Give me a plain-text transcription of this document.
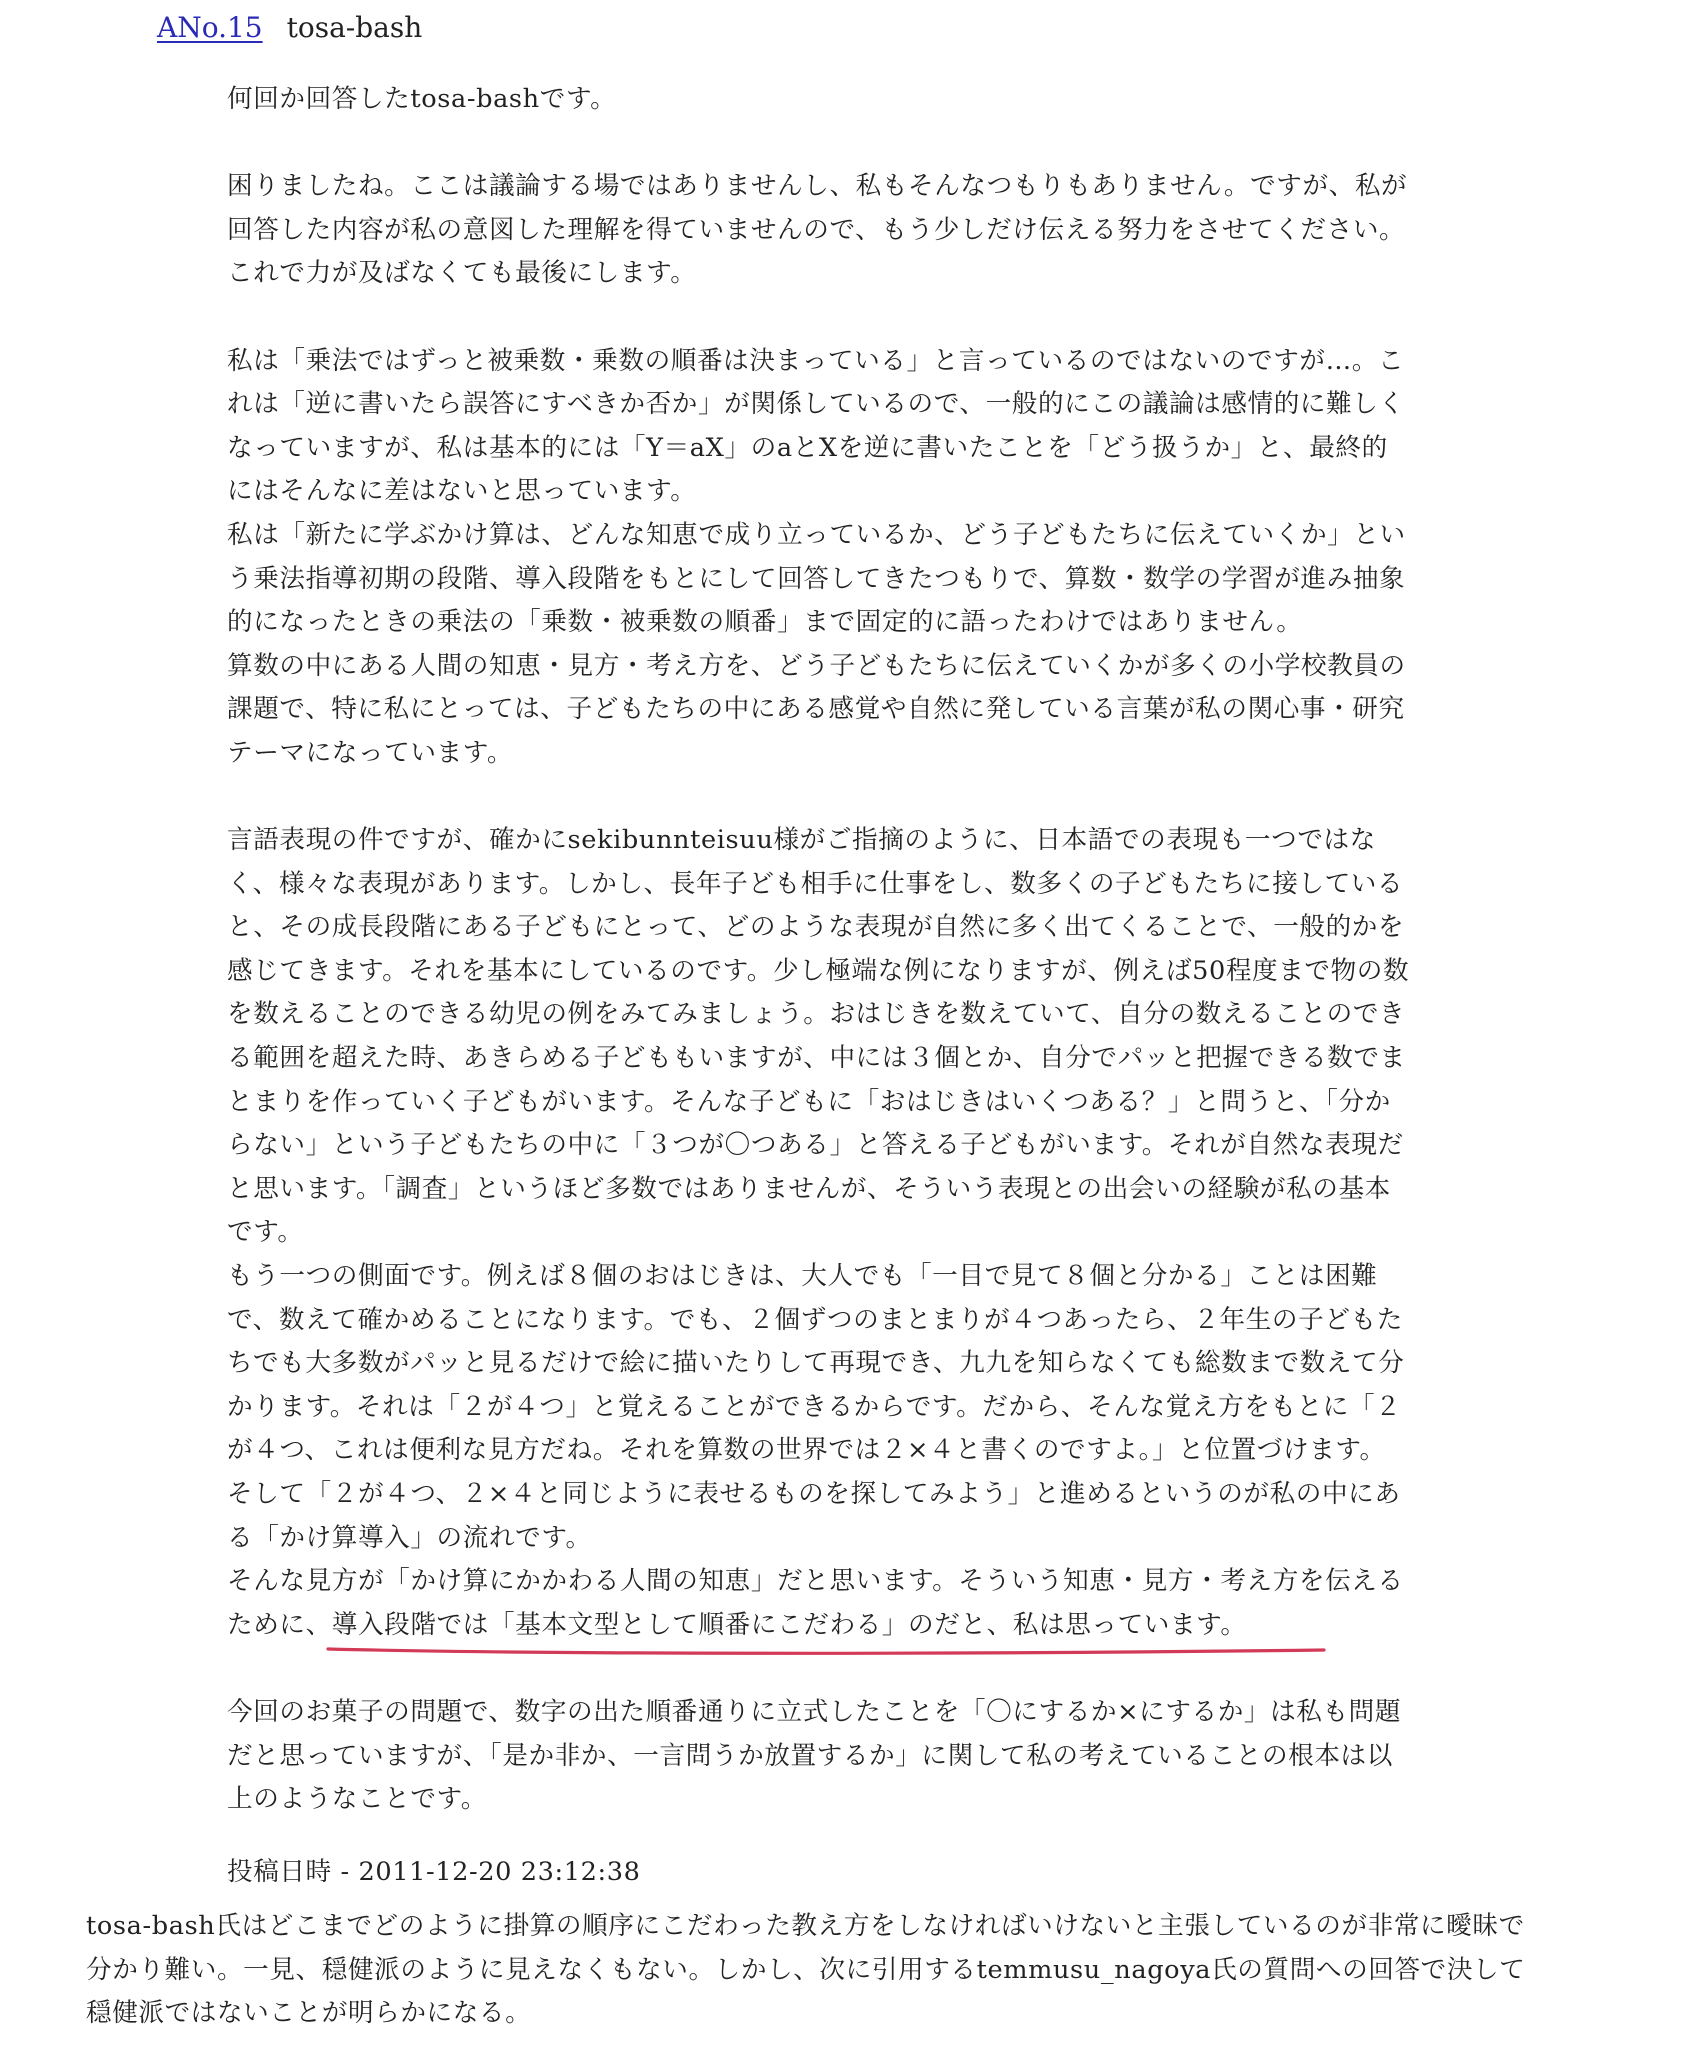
ANo.15 tosa-bash
何回か回答したtosa-bashです。
困りましたね。ここは議論する場ではありませんし、私もそんなつもりもありません。ですが、私が
回答した内容が私の意図した理解を得ていませんので、もう少しだけ伝える努力をさせてください。
これで力が及ばなくても最後にします。
私は「乗法ではずっと被乗数・乗数の順番は決まっている」と言っているのではないのですが…。こ
れは「逆に書いたら誤答にすべきか否か」が関係しているので、一般的にこの議論は感情的に難しく
なっていますが、私は基本的には「Y＝aX」のaとXを逆に書いたことを「どう扱うか」と、最終的
にはそんなに差はないと思っています。
私は「新たに学ぶかけ算は、どんな知恵で成り立っているか、どう子どもたちに伝えていくか」とい
う乗法指導初期の段階、導入段階をもとにして回答してきたつもりで、算数・数学の学習が進み抽象
的になったときの乗法の「乗数・被乗数の順番」まで固定的に語ったわけではありません。
算数の中にある人間の知恵・見方・考え方を、どう子どもたちに伝えていくかが多くの小学校教員の
課題で、特に私にとっては、子どもたちの中にある感覚や自然に発している言葉が私の関心事・研究
テーマになっています。
言語表現の件ですが、確かにsekibunnteisuu様がご指摘のように、日本語での表現も一つではな
く、様々な表現があります。しかし、長年子ども相手に仕事をし、数多くの子どもたちに接している
と、その成長段階にある子どもにとって、どのような表現が自然に多く出てくることで、一般的かを
感じてきます。それを基本にしているのです。少し極端な例になりますが、例えば50程度まで物の数
を数えることのできる幼児の例をみてみましょう。おはじきを数えていて、自分の数えることのでき
る範囲を超えた時、あきらめる子どももいますが、中には３個とか、自分でパッと把握できる数でま
とまりを作っていく子どもがいます。そんな子どもに「おはじきはいくつある？」と問うと、「分か
らない」という子どもたちの中に「３つが〇つある」と答える子どもがいます。それが自然な表現だ
と思います。「調査」というほど多数ではありませんが、そういう表現との出会いの経験が私の基本
です。
もう一つの側面です。例えば８個のおはじきは、大人でも「一目で見て８個と分かる」ことは困難
で、数えて確かめることになります。でも、２個ずつのまとまりが４つあったら、２年生の子どもた
ちでも大多数がパッと見るだけで絵に描いたりして再現でき、九九を知らなくても総数まで数えて分
かります。それは「２が４つ」と覚えることができるからです。だから、そんな覚え方をもとに「２
が４つ、これは便利な見方だね。それを算数の世界では２×４と書くのですよ。」と位置づけます。
そして「２が４つ、２×４と同じように表せるものを探してみよう」と進めるというのが私の中にあ
る「かけ算導入」の流れです。
そんな見方が「かけ算にかかわる人間の知恵」だと思います。そういう知恵・見方・考え方を伝える
ために、導入段階では「基本文型として順番にこだわる」のだと、私は思っています。
今回のお菓子の問題で、数字の出た順番通りに立式したことを「〇にするか×にするか」は私も問題
だと思っていますが、「是か非か、一言問うか放置するか」に関して私の考えていることの根本は以
上のようなことです。
投稿日時 - 2011-12-20 23:12:38
tosa-bash氏はどこまでどのように掛算の順序にこだわった教え方をしなければいけないと主張しているのが非常に曖昧で
分かり難い。一見、穏健派のように見えなくもない。しかし、次に引用するtemmusu_nagoya氏の質問への回答で決して
穏健派ではないことが明らかになる。
